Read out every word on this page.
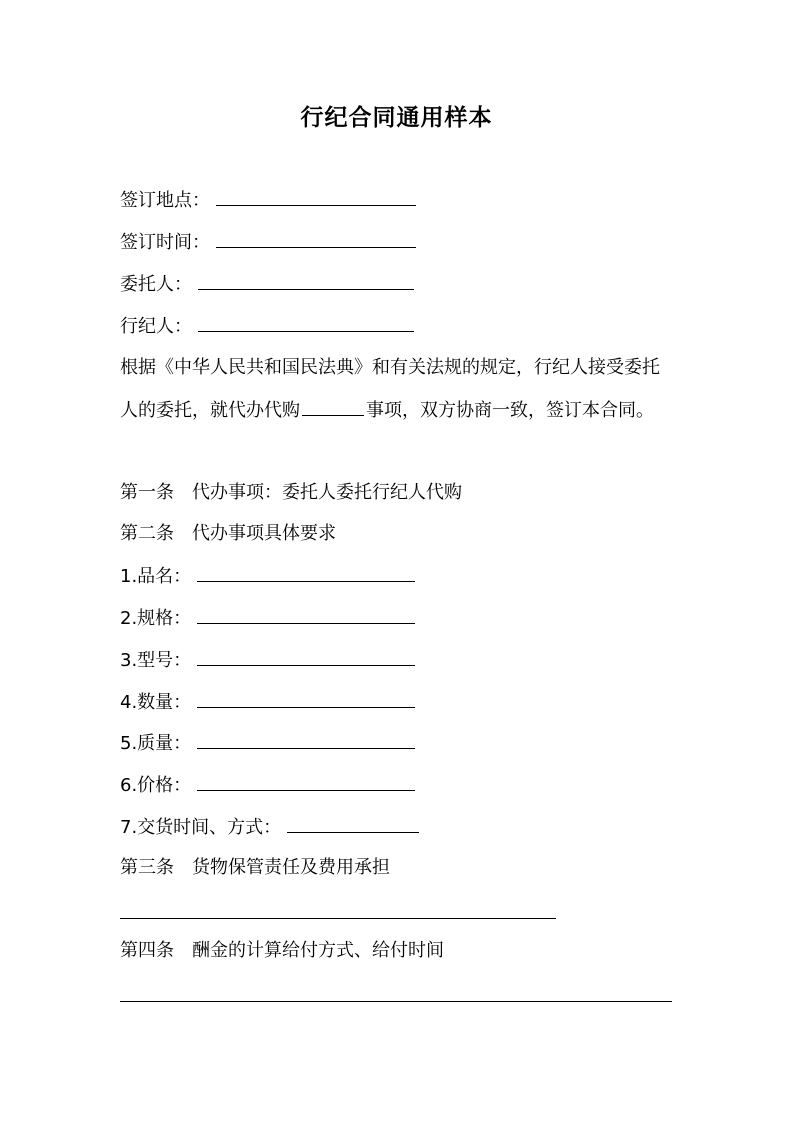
行纪合同通用样本
签订地点：
签订时间：
委托人：
行纪人：
根据《中华人民共和国民法典》和有关法规的规定，行纪人接受委托
人的委托，就代办代购	事项，双方协商一致，签订本合同。
第一条　代办事项：委托人委托行纪人代购
第二条　代办事项具体要求
1.品名：
2.规格：
3.型号：
4.数量：
5.质量：
6.价格：
7.交货时间、方式：
第三条　货物保管责任及费用承担
第四条　酬金的计算给付方式、给付时间
